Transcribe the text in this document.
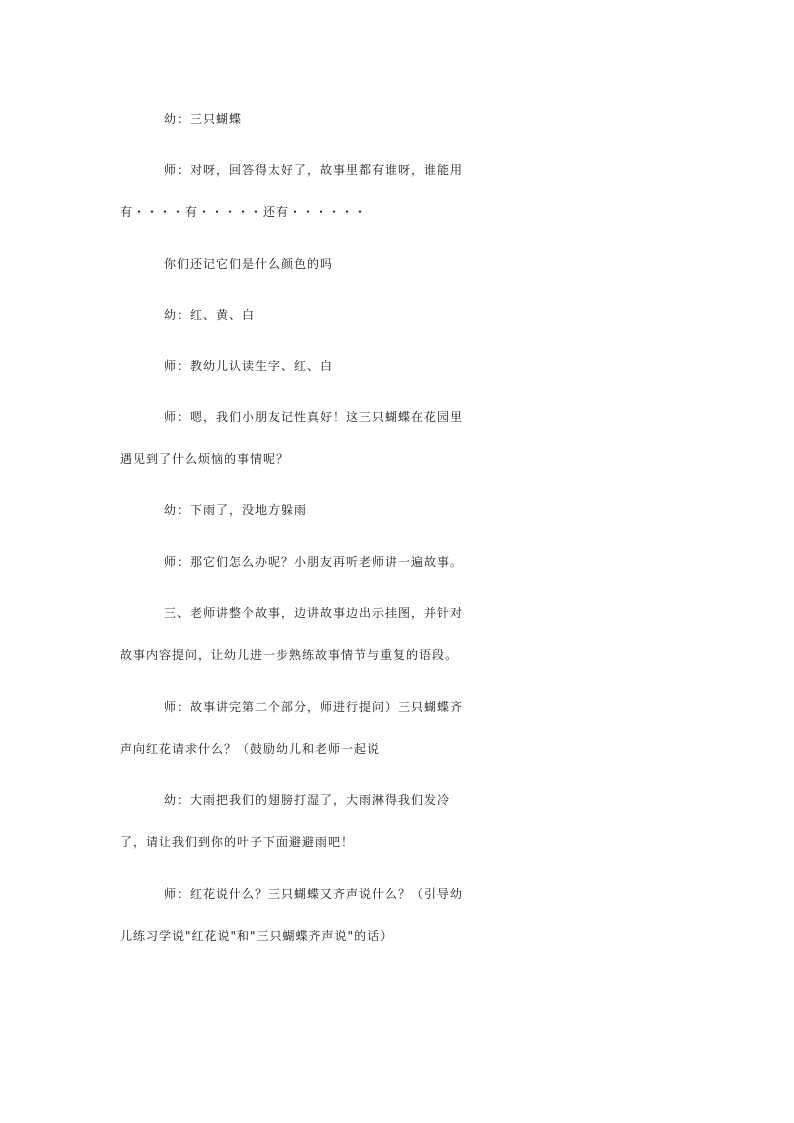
幼：三只蝴蝶
师：对呀，回答得太好了，故事里都有谁呀，谁能用
有・・・・有・・・・・还有・・・・・・
你们还记它们是什么颜色的吗
幼：红、黄、白
师：教幼儿认读生字、红、白
师：嗯，我们小朋友记性真好！这三只蝴蝶在花园里
遇见到了什么烦恼的事情呢？
幼：下雨了，没地方躲雨
师：那它们怎么办呢？小朋友再听老师讲一遍故事。
三、老师讲整个故事，边讲故事边出示挂图，并针对
故事内容提问，让幼儿进一步熟练故事情节与重复的语段。
师：故事讲完第二个部分，师进行提问）三只蝴蝶齐
声向红花请求什么？（鼓励幼儿和老师一起说
幼：大雨把我们的翅膀打湿了，大雨淋得我们发冷
了，请让我们到你的叶子下面避避雨吧！
师：红花说什么？三只蝴蝶又齐声说什么？（引导幼
儿练习学说"红花说"和"三只蝴蝶齐声说"的话）
